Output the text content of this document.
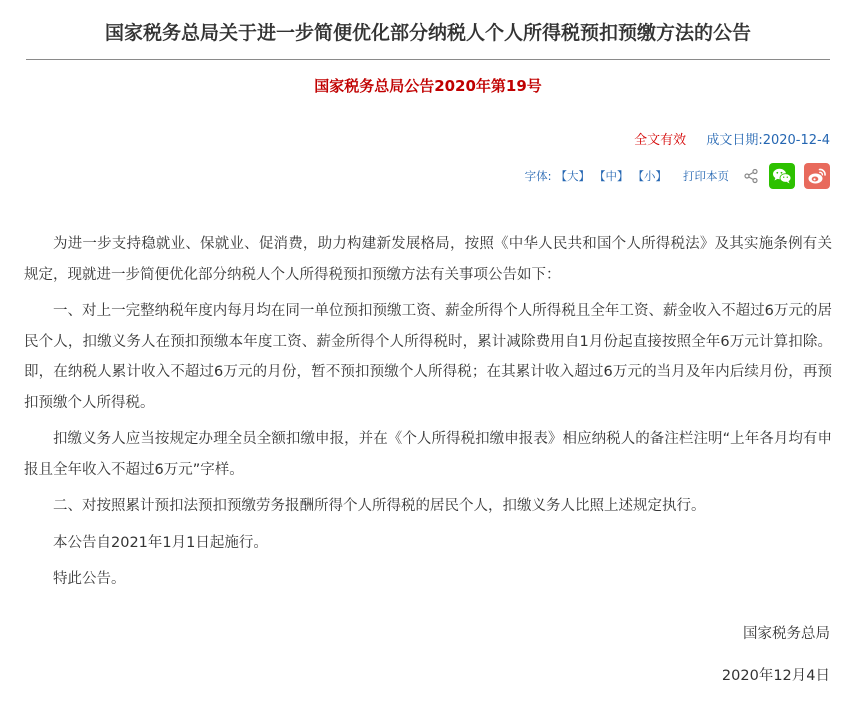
国家税务总局关于进一步简便优化部分纳税人个人所得税预扣预缴方法的公告
国家税务总局公告2020年第19号
全文有效 成文日期:2020-12-4
字体: 【大】 【中】 【小】 打印本页

为进一步支持稳就业、保就业、促消费，助力构建新发展格局，按照《中华人民共和国个人所得税法》及其实施条例有关规定，现就进一步简便优化部分纳税人个人所得税预扣预缴方法有关事项公告如下：

一、对上一完整纳税年度内每月均在同一单位预扣预缴工资、薪金所得个人所得税且全年工资、薪金收入不超过6万元的居民个人，扣缴义务人在预扣预缴本年度工资、薪金所得个人所得税时，累计减除费用自1月份起直接按照全年6万元计算扣除。即，在纳税人累计收入不超过6万元的月份，暂不预扣预缴个人所得税；在其累计收入超过6万元的当月及年内后续月份，再预扣预缴个人所得税。

扣缴义务人应当按规定办理全员全额扣缴申报，并在《个人所得税扣缴申报表》相应纳税人的备注栏注明“上年各月均有申报且全年收入不超过6万元”字样。

二、对按照累计预扣法预扣预缴劳务报酬所得个人所得税的居民个人，扣缴义务人比照上述规定执行。

本公告自2021年1月1日起施行。

特此公告。

国家税务总局
2020年12月4日
